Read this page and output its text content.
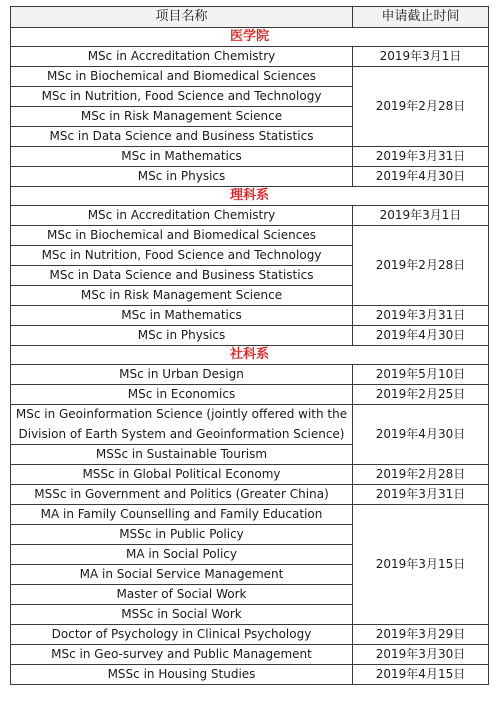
项目名称	申请截止时间
医学院	
MSc in Accreditation Chemistry	2019年3月1日
MSc in Biochemical and Biomedical Sciences	2019年2月28日
MSc in Nutrition, Food Science and Technology	
MSc in Risk Management Science	
MSc in Data Science and Business Statistics	
MSc in Mathematics	2019年3月31日
MSc in Physics	2019年4月30日
理科系	
MSc in Accreditation Chemistry	2019年3月1日
MSc in Biochemical and Biomedical Sciences	2019年2月28日
MSc in Nutrition, Food Science and Technology	
MSc in Data Science and Business Statistics	
MSc in Risk Management Science	
MSc in Mathematics	2019年3月31日
MSc in Physics	2019年4月30日
社科系	
MSc in Urban Design	2019年5月10日
MSc in Economics	2019年2月25日
MSc in Geoinformation Science (jointly offered with the Division of Earth System and Geoinformation Science)	2019年4月30日
MSSc in Sustainable Tourism	
MSSc in Global Political Economy	2019年2月28日
MSSc in Government and Politics (Greater China)	2019年3月31日
MA in Family Counselling and Family Education	2019年3月15日
MSSc in Public Policy	
MA in Social Policy	
MA in Social Service Management	
Master of Social Work	
MSSc in Social Work	
Doctor of Psychology in Clinical Psychology	2019年3月29日
MSc in Geo-survey and Public Management	2019年3月30日
MSSc in Housing Studies	2019年4月15日
